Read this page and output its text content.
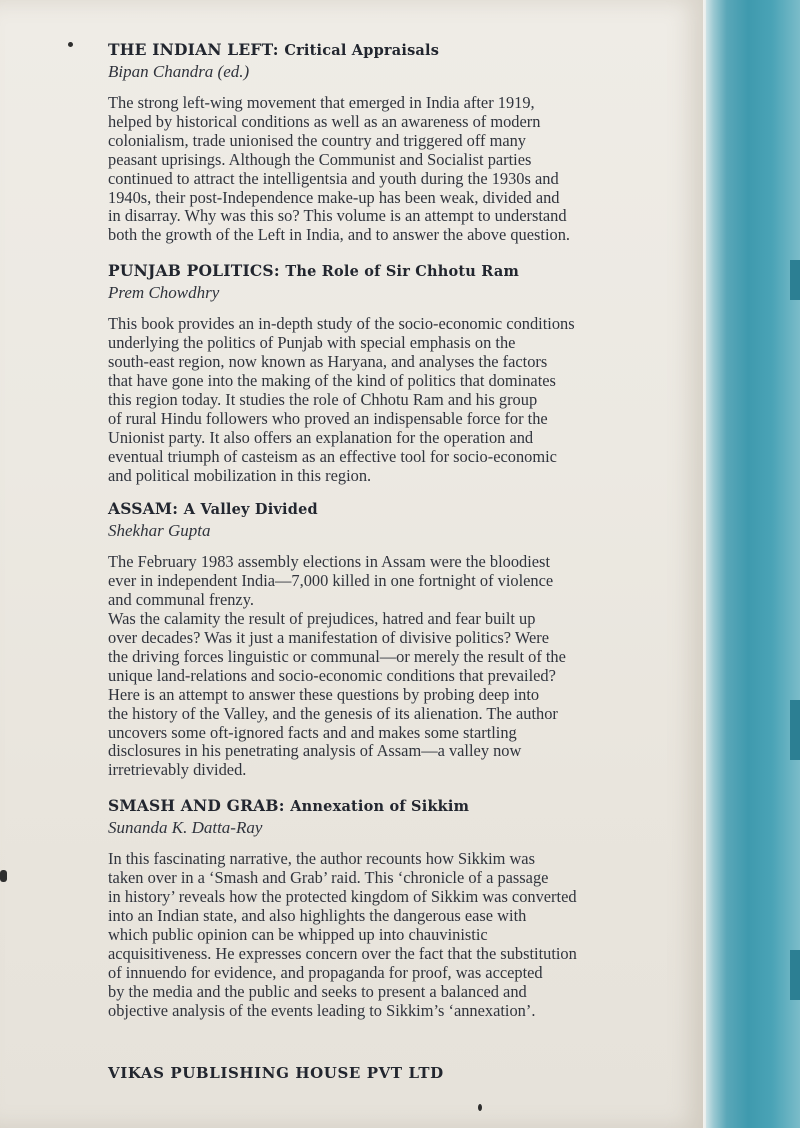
THE INDIAN LEFT: Critical Appraisals

Bipan Chandra (ed.)

The strong left-wing movement that emerged in India after 1919,
helped by historical conditions as well as an awareness of modern
colonialism, trade unionised the country and triggered off many
peasant uprisings. Although the Communist and Socialist parties
continued to attract the intelligentsia and youth during the 1930s and
1940s, their post-Independence make-up has been weak, divided and
in disarray. Why was this so? This volume is an attempt to understand
both the growth of the Left in India, and to answer the above question.

PUNJAB POLITICS: The Role of Sir Chhotu Ram

Prem Chowdhry

This book provides an in-depth study of the socio-economic conditions
underlying the politics of Punjab with special emphasis on the
south-east region, now known as Haryana, and analyses the factors
that have gone into the making of the kind of politics that dominates
this region today. It studies the role of Chhotu Ram and his group
of rural Hindu followers who proved an indispensable force for the
Unionist party. It also offers an explanation for the operation and
eventual triumph of casteism as an effective tool for socio-economic
and political mobilization in this region.

ASSAM: A Valley Divided

Shekhar Gupta

The February 1983 assembly elections in Assam were the bloodiest
ever in independent India—7,000 killed in one fortnight of violence
and communal frenzy.
Was the calamity the result of prejudices, hatred and fear built up
over decades? Was it just a manifestation of divisive politics? Were
the driving forces linguistic or communal—or merely the result of the
unique land-relations and socio-economic conditions that prevailed?
Here is an attempt to answer these questions by probing deep into
the history of the Valley, and the genesis of its alienation. The author
uncovers some oft-ignored facts and and makes some startling
disclosures in his penetrating analysis of Assam—a valley now
irretrievably divided.

SMASH AND GRAB: Annexation of Sikkim

Sunanda K. Datta-Ray

In this fascinating narrative, the author recounts how Sikkim was
taken over in a ‘Smash and Grab’ raid. This ‘chronicle of a passage
in history’ reveals how the protected kingdom of Sikkim was converted
into an Indian state, and also highlights the dangerous ease with
which public opinion can be whipped up into chauvinistic
acquisitiveness. He expresses concern over the fact that the substitution
of innuendo for evidence, and propaganda for proof, was accepted
by the media and the public and seeks to present a balanced and
objective analysis of the events leading to Sikkim’s ‘annexation’.

VIKAS PUBLISHING HOUSE PVT LTD
